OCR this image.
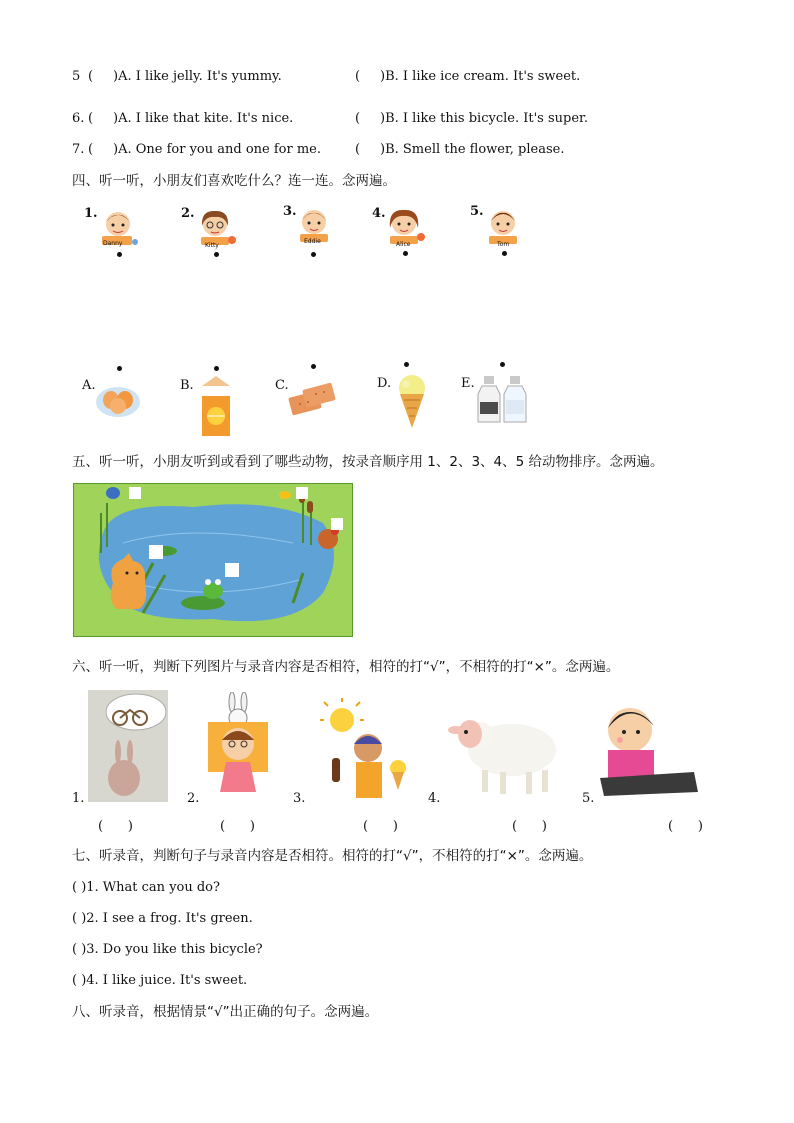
5 ( )A. I like jelly. It's yummy.	( )B. I like ice cream. It's sweet.
6. ( )A. I like that kite. It's nice.	( )B. I like this bicycle. It's super.
7. ( )A. One for you and one for me.	( )B. Smell the flower, please.
四、听一听，小朋友们喜欢吃什么？连一连。念两遍。
1.
Danny
2.
Kitty
3.
Eddie
4.
Alice
5.
Tom
A.	B.	C.	D.	E.
五、听一听，小朋友听到或看到了哪些动物，按录音顺序用 1、2、3、4、5 给动物排序。念两遍。
六、听一听，判断下列图片与录音内容是否相符，相符的打“√”，不相符的打“×”。念两遍。
1.
(      )
2.
(      )
3.
(      )
4.
(      )
5.
(      )
七、听录音，判断句子与录音内容是否相符。相符的打“√”，不相符的打“×”。念两遍。
( )1. What can you do?
( )2. I see a frog. It's green.
( )3. Do you like this bicycle?
( )4. I like juice. It's sweet.
八、听录音，根据情景“√”出正确的句子。念两遍。
